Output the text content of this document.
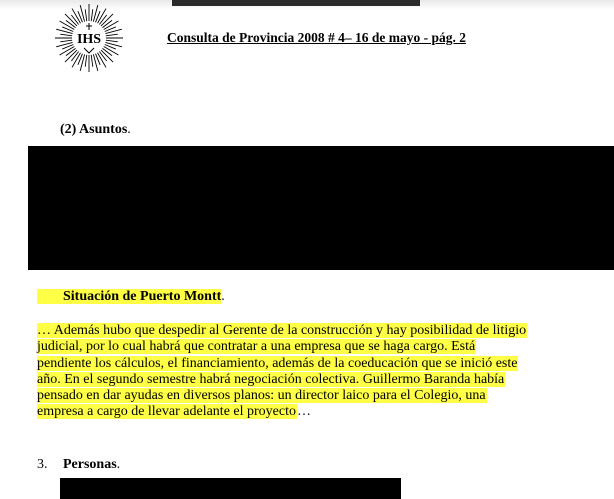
IHS	Consulta de Provincia 2008 # 4– 16 de mayo - pág. 2
(2) Asuntos.
Situación de Puerto Montt.
… Además hubo que despedir al Gerente de la construcción y hay posibilidad de litigio
judicial, por lo cual habrá que contratar a una empresa que se haga cargo. Está
pendiente los cálculos, el financiamiento, además de la coeducación que se inició este
año. En el segundo semestre habrá negociación colectiva. Guillermo Baranda había
pensado en dar ayudas en diversos planos: un director laico para el Colegio, una
empresa a cargo de llevar adelante el proyecto…
3. Personas.
